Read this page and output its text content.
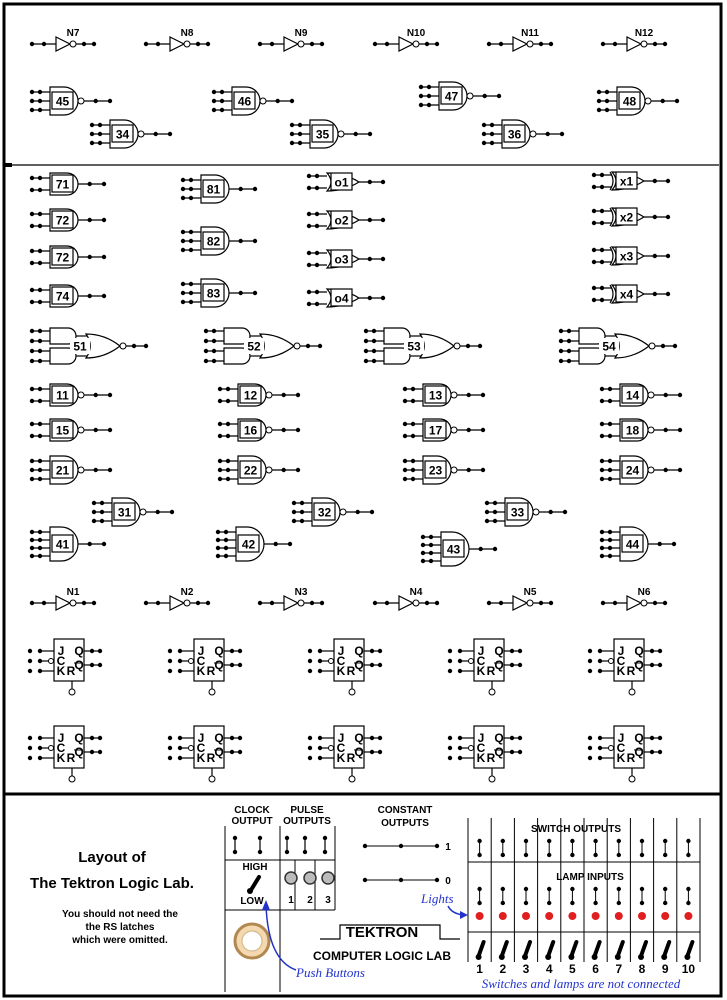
N7	N8	N9	N10	N11	N12
N1	N2	N3	N4	N5	N6
45	46	47	48
34	35	36
71
72
72
74
81
82
83
o1
o2
o3
o4
x1
x2
x3
x4
51	52	53	54
11	12	13	14
15	16	17	18
21	22	23	24
31	32	33
41	42	43	44
J
C
K R
Q
Q
J
C
K R
Q
Q
J
C
K R
Q
Q
J
C
K R
Q
Q
J
C
K R
Q
Q
J
C
K R
Q
Q
J
C
K R
Q
Q
J
C
K R
Q
Q
J
C
K R
Q
Q
J
C
K R
Q
Q
Layout of
The Tektron Logic Lab.
You should not need the
the RS latches
which were omitted.
CLOCK
OUTPUT
PULSE
OUTPUTS
HIGH
LOW 1 2 3
CONSTANT
OUTPUTS
1
0
TEKTRON
COMPUTER LOGIC LAB
SWITCH OUTPUTS
LAMP INPUTS
1 2 3 4 5 6 7 8 9 10
Lights
Push Buttons
Switches and lamps are not connected
